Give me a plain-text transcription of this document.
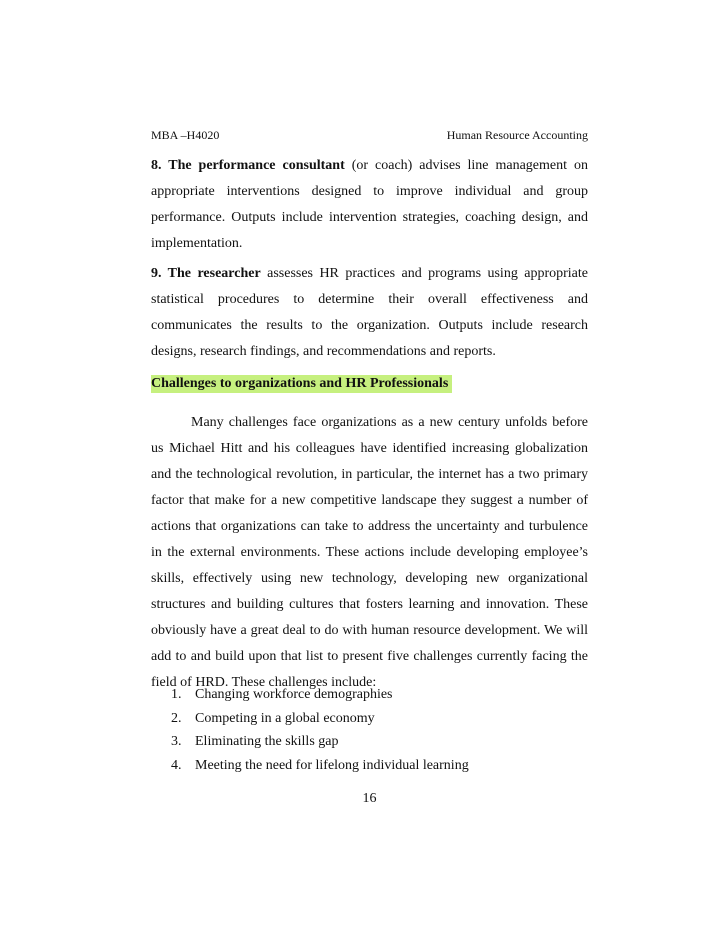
MBA –H4020	Human Resource Accounting
8. The performance consultant (or coach) advises line management on appropriate interventions designed to improve individual and group performance. Outputs include intervention strategies, coaching design, and implementation.
9. The researcher assesses HR practices and programs using appropriate statistical procedures to determine their overall effectiveness and communicates the results to the organization. Outputs include research designs, research findings, and recommendations and reports.
Challenges to organizations and HR Professionals
Many challenges face organizations as a new century unfolds before us Michael Hitt and his colleagues have identified increasing globalization and the technological revolution, in particular, the internet has a two primary factor that make for a new competitive landscape they suggest a number of actions that organizations can take to address the uncertainty and turbulence in the external environments. These actions include developing employee’s skills, effectively using new technology, developing new organizational structures and building cultures that fosters learning and innovation. These obviously have a great deal to do with human resource development. We will add to and build upon that list to present five challenges currently facing the field of HRD. These challenges include:
1. Changing workforce demographies
2. Competing in a global economy
3. Eliminating the skills gap
4. Meeting the need for lifelong individual learning
16
